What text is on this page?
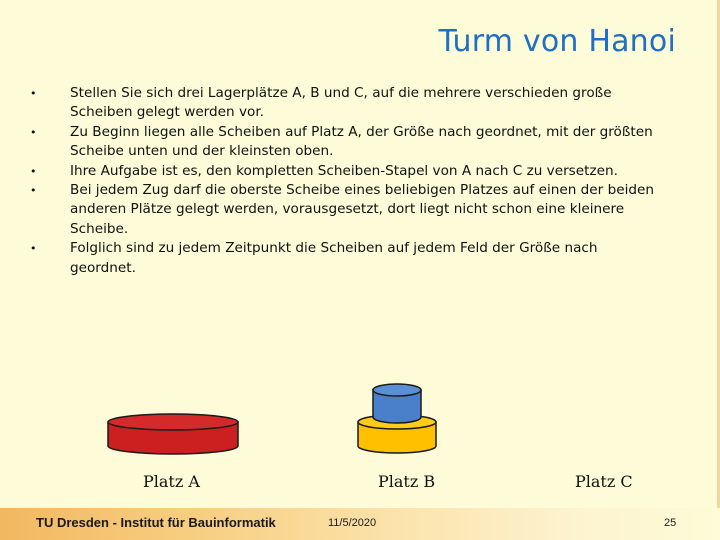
Turm von Hanoi
• Stellen Sie sich drei Lagerplätze A, B und C, auf die mehrere verschieden große Scheiben gelegt werden vor.
• Zu Beginn liegen alle Scheiben auf Platz A, der Größe nach geordnet, mit der größten Scheibe unten und der kleinsten oben.
• Ihre Aufgabe ist es, den kompletten Scheiben-Stapel von A nach C zu versetzen.
• Bei jedem Zug darf die oberste Scheibe eines beliebigen Platzes auf einen der beiden anderen Plätze gelegt werden, vorausgesetzt, dort liegt nicht schon eine kleinere Scheibe.
• Folglich sind zu jedem Zeitpunkt die Scheiben auf jedem Feld der Größe nach geordnet.
Platz A	Platz B	Platz C
TU Dresden - Institut für Bauinformatik	11/5/2020	25
